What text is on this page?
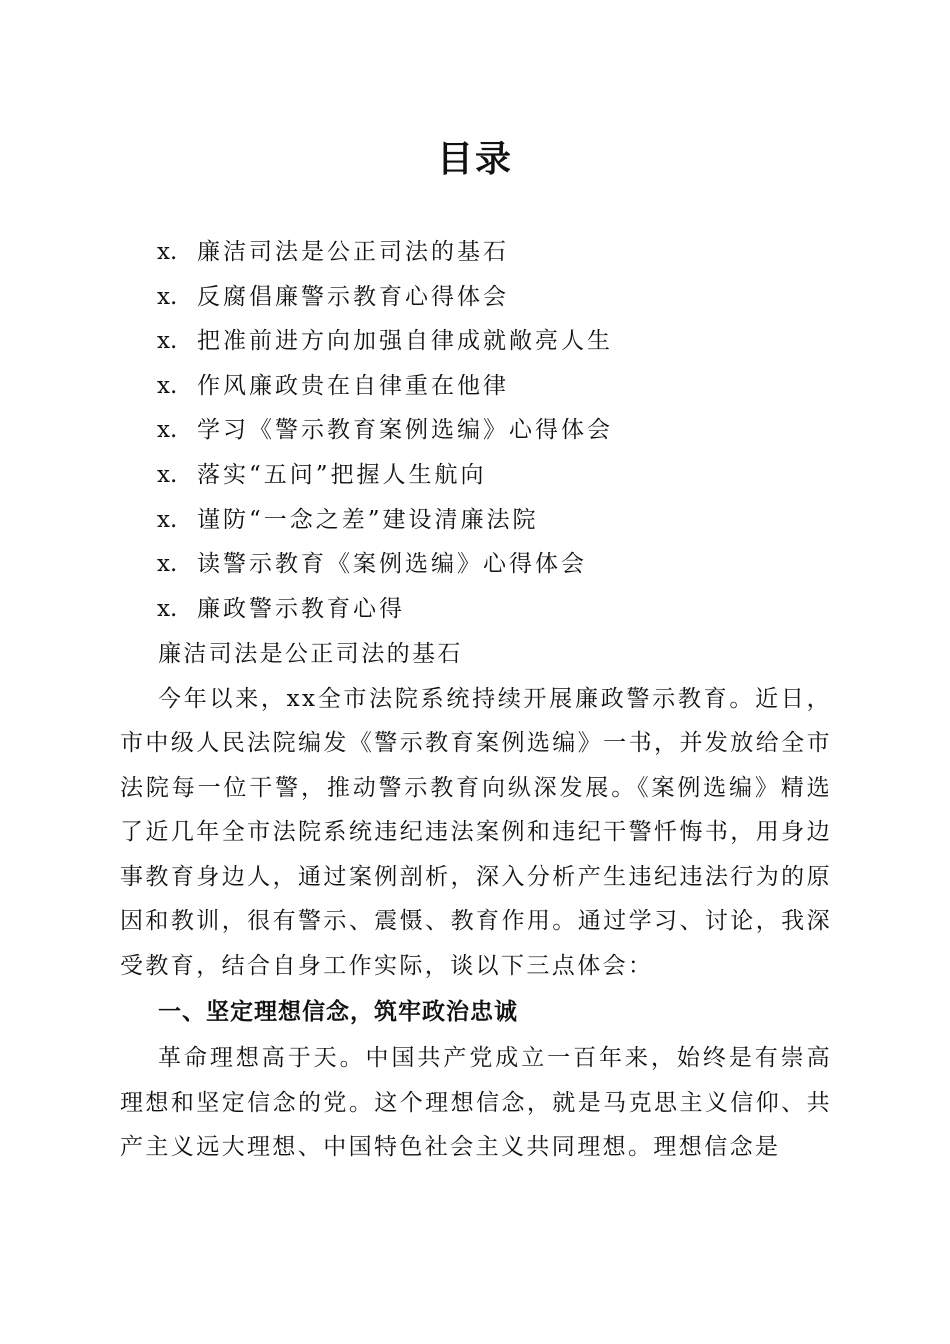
目录
x. 廉洁司法是公正司法的基石
x. 反腐倡廉警示教育心得体会
x. 把准前进方向加强自律成就敞亮人生
x. 作风廉政贵在自律重在他律
x. 学习《警示教育案例选编》心得体会
x. 落实“五问”把握人生航向
x. 谨防“一念之差”建设清廉法院
x. 读警示教育《案例选编》心得体会
x. 廉政警示教育心得

廉洁司法是公正司法的基石

今年以来，xx全市法院系统持续开展廉政警示教育。近日，市中级人民法院编发《警示教育案例选编》一书，并发放给全市法院每一位干警，推动警示教育向纵深发展。《案例选编》精选了近几年全市法院系统违纪违法案例和违纪干警忏悔书，用身边事教育身边人，通过案例剖析，深入分析产生违纪违法行为的原因和教训，很有警示、震慑、教育作用。通过学习、讨论，我深受教育，结合自身工作实际，谈以下三点体会：

一、坚定理想信念，筑牢政治忠诚

革命理想高于天。中国共产党成立一百年来，始终是有崇高理想和坚定信念的党。这个理想信念，就是马克思主义信仰、共产主义远大理想、中国特色社会主义共同理想。理想信念是
